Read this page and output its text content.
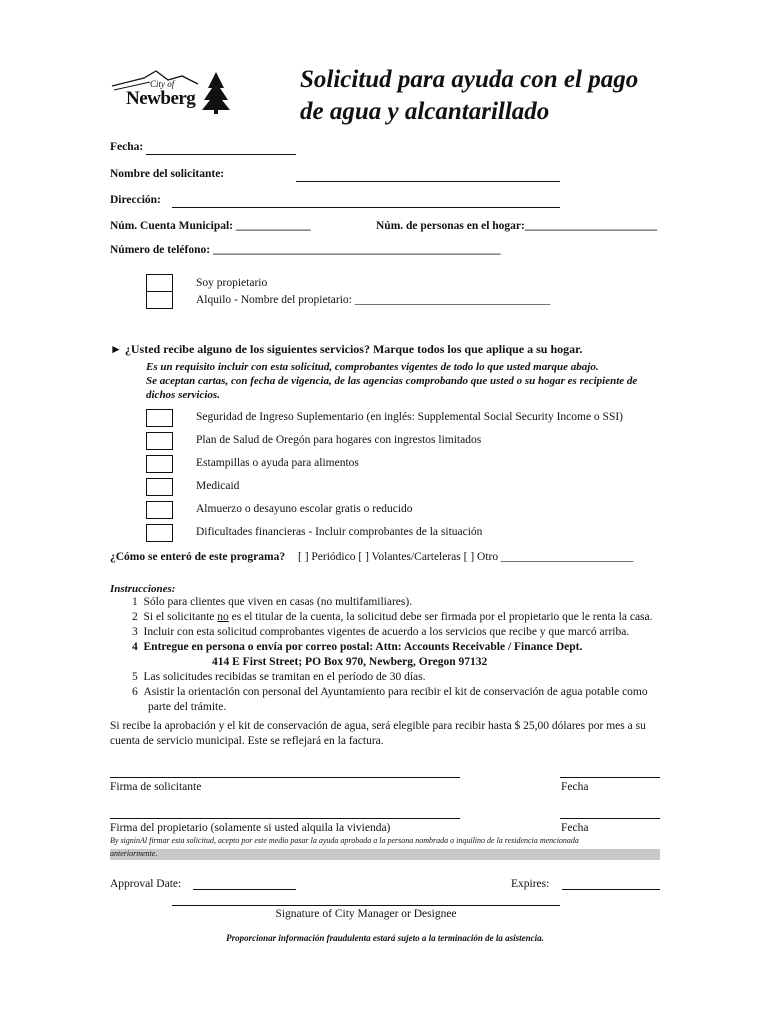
City of
Newberg
Solicitud para ayuda con el pago
de agua y alcantarillado
Fecha:
Nombre del solicitante:
Dirección:
Núm. Cuenta Municipal: _____________	Núm. de personas en el hogar:_______________________
Número de teléfono: __________________________________________________
Soy propietario
Alquilo - Nombre del propietario: __________________________________
► ¿Usted recibe alguno de los siguientes servicios? Marque todos los que aplique a su hogar.
Es un requisito incluir con esta solicitud, comprobantes vigentes de todo lo que usted marque abajo.
Se aceptan cartas, con fecha de vigencia, de las agencias comprobando que usted o su hogar es recipiente de dichos servicios.
Seguridad de Ingreso Suplementario (en inglés: Supplemental Social Security Income o SSI)
Plan de Salud de Oregón para hogares con ingrestos limitados
Estampillas o ayuda para alimentos
Medicaid
Almuerzo o desayuno escolar gratis o reducido
Dificultades financieras - Incluir comprobantes de la situación
¿Cómo se enteró de este programa? [ ] Periódico [ ] Volantes/Carteleras [ ] Otro _______________________
Instrucciones:
1 Sólo para clientes que viven en casas (no multifamiliares).
2 Si el solicitante no es el titular de la cuenta, la solicitud debe ser firmada por el propietario que le renta la casa.
3 Incluir con esta solicitud comprobantes vigentes de acuerdo a los servicios que recibe y que marcó arriba.
4 Entregue en persona o envía por correo postal: Attn: Accounts Receivable / Finance Dept.
414 E First Street; PO Box 970, Newberg, Oregon 97132
5 Las solicitudes recibidas se tramitan en el período de 30 días.
6 Asistir la orientación con personal del Ayuntamiento para recibir el kit de conservación de agua potable como
parte del trámite.
Si recibe la aprobación y el kit de conservación de agua, será elegible para recibir hasta $ 25,00 dólares por mes a su
cuenta de servicio municipal. Este se reflejará en la factura.
Firma de solicitante	Fecha
Firma del propietario (solamente si usted alquila la vivienda)	Fecha
By signinAl firmar esta solicitud, acepto por este medio pasar la ayuda aprobada a la persona nombrada o inquilino de la residencia mencionada
anteriormente.
Approval Date:	Expires:
Signature of City Manager or Designee
Proporcionar información fraudulenta estará sujeto a la terminación de la asistencia.
